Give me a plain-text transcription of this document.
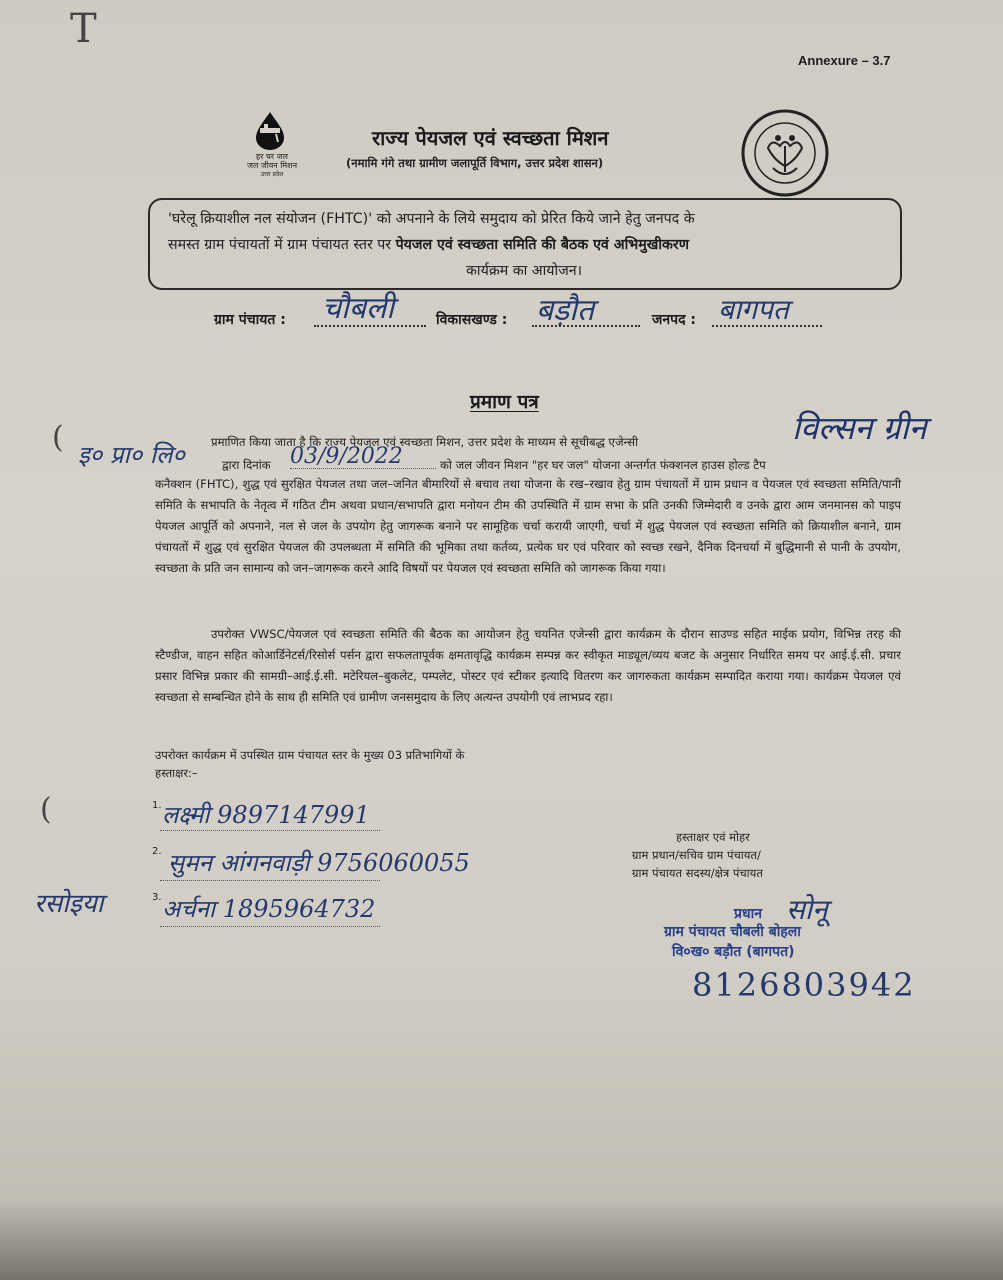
T
(
(
Annexure – 3.7
हर घर जल
जल जीवन मिशन
उत्तर प्रदेश
राज्य पेयजल एवं स्वच्छता मिशन
(नमामि गंगे तथा ग्रामीण जलापूर्ति विभाग, उत्तर प्रदेश शासन)
'घरेलू क्रियाशील नल संयोजन (FHTC)' को अपनाने के लिये समुदाय को प्रेरित किये जाने हेतु जनपद के
समस्त ग्राम पंचायतों में ग्राम पंचायत स्तर पर पेयजल एवं स्वच्छता समिति की बैठक एवं अभिमुखीकरण
कार्यक्रम का आयोजन।
ग्राम पंचायत : चौबली	विकासखण्ड : बड़ौत	जनपद : बागपत
प्रमाण पत्र
प्रमाणित किया जाता है कि राज्य पेयजल एवं स्वच्छता मिशन, उत्तर प्रदेश के माध्यम से सूचीबद्ध एजेन्सी	विल्सन ग्रीन
इ० प्रा० लि०	द्वारा दिनांक 03/9/2022	को जल जीवन मिशन "हर घर जल" योजना अन्तर्गत फंक्शनल हाउस होल्ड टैप
कनैक्शन (FHTC), शुद्ध एवं सुरक्षित पेयजल तथा जल–जनित बीमारियों से बचाव तथा योजना के रख–रखाव हेतु ग्राम पंचायतों में ग्राम प्रधान व पेयजल एवं स्वच्छता समिति/पानी समिति के सभापति के नेतृत्व में गठित टीम अथवा प्रधान/सभापति द्वारा मनोयन टीम की उपस्थिति में ग्राम सभा के प्रति उनकी जिम्मेदारी व उनके द्वारा आम जनमानस को पाइप पेयजल आपूर्ति को अपनाने, नल से जल के उपयोग हेतु जागरूक बनाने पर सामूहिक चर्चा करायी जाएगी, चर्चा में शुद्ध पेयजल एवं स्वच्छता समिति को क्रियाशील बनाने, ग्राम पंचायतों में शुद्ध एवं सुरक्षित पेयजल की उपलब्धता में समिति की भूमिका तथा कर्तव्य, प्रत्येक घर एवं परिवार को स्वच्छ रखने, दैनिक दिनचर्या में बुद्धिमानी से पानी के उपयोग, स्वच्छता के प्रति जन सामान्य को जन–जागरूक करने आदि विषयों पर पेयजल एवं स्वच्छता समिति को जागरूक किया गया।
उपरोक्त VWSC/पेयजल एवं स्वच्छता समिति की बैठक का आयोजन हेतु चयनित एजेन्सी द्वारा कार्यक्रम के दौरान साउण्ड सहित माईक प्रयोग, विभिन्न तरह की स्टैण्डीज, वाहन सहित कोआर्डिनेटर्स/रिसोर्स पर्सन द्वारा सफलतापूर्वक क्षमतावृद्धि कार्यक्रम सम्पन्न कर स्वीकृत माड्यूल/व्यय बजट के अनुसार निर्धारित समय पर आई.ई.सी. प्रचार प्रसार विभिन्न प्रकार की सामग्री–आई.ई.सी. मटेरियल–बुकलेट, पम्पलेट, पोस्टर एवं स्टीकर इत्यादि वितरण कर जागरुकता कार्यक्रम सम्पादित कराया गया। कार्यक्रम पेयजल एवं स्वच्छता से सम्बन्धित होने के साथ ही समिति एवं ग्रामीण जनसमुदाय के लिए अत्यन्त उपयोगी एवं लाभप्रद रहा।
उपरोक्त कार्यक्रम में उपस्थित ग्राम पंचायत स्तर के मुख्य 03 प्रतिभागियों के
हस्ताक्षर:–
1. लक्ष्मी 9897147991
2. सुमन आंगनवाड़ी 9756060055
रसोइया	3. अर्चना 1895964732
हस्ताक्षर एवं मोहर
ग्राम प्रधान/सचिव ग्राम पंचायत/
ग्राम पंचायत सदस्य/क्षेत्र पंचायत
प्रधान सोनू
ग्राम पंचायत चौबली बोहला
वि०ख० बड़ौत (बागपत)
8126803942
